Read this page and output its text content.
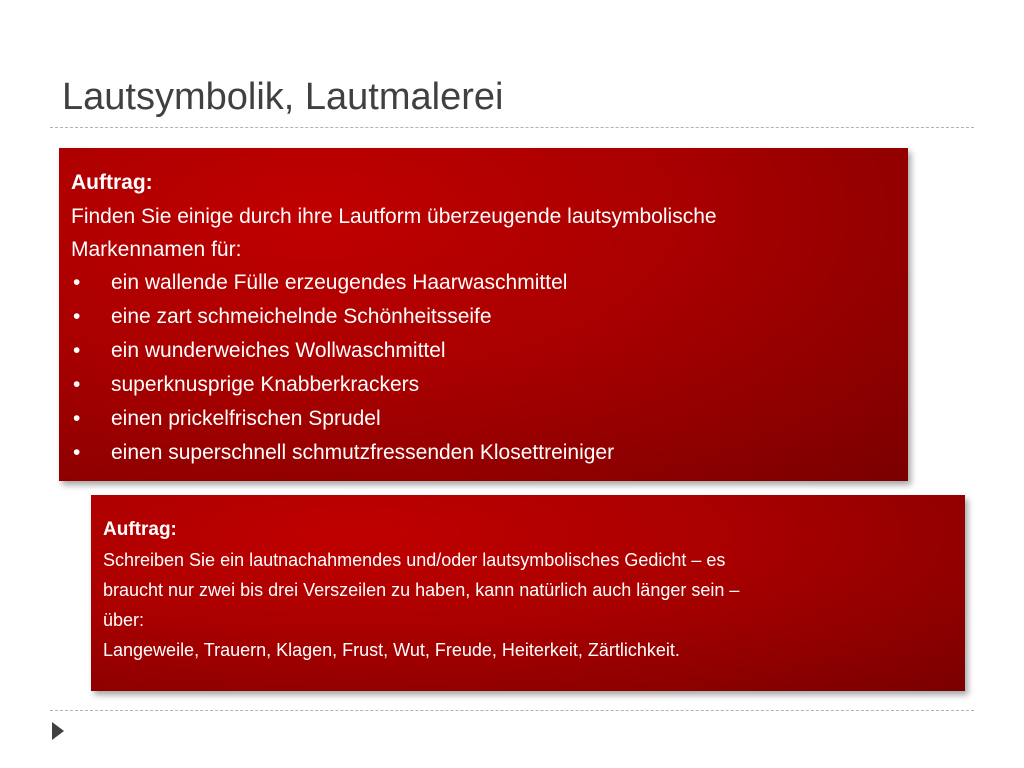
Lautsymbolik, Lautmalerei
Auftrag:
Finden Sie einige durch ihre Lautform überzeugende lautsymbolische
Markennamen für:
•	ein wallende Fülle erzeugendes Haarwaschmittel
•	eine zart schmeichelnde Schönheitsseife
•	ein wunderweiches Wollwaschmittel
•	superknusprige Knabberkrackers
•	einen prickelfrischen Sprudel
•	einen superschnell schmutzfressenden Klosettreiniger
Auftrag:
Schreiben Sie ein lautnachahmendes und/oder lautsymbolisches Gedicht – es
braucht nur zwei bis drei Verszeilen zu haben, kann natürlich auch länger sein –
über:
Langeweile, Trauern, Klagen, Frust, Wut, Freude, Heiterkeit, Zärtlichkeit.
